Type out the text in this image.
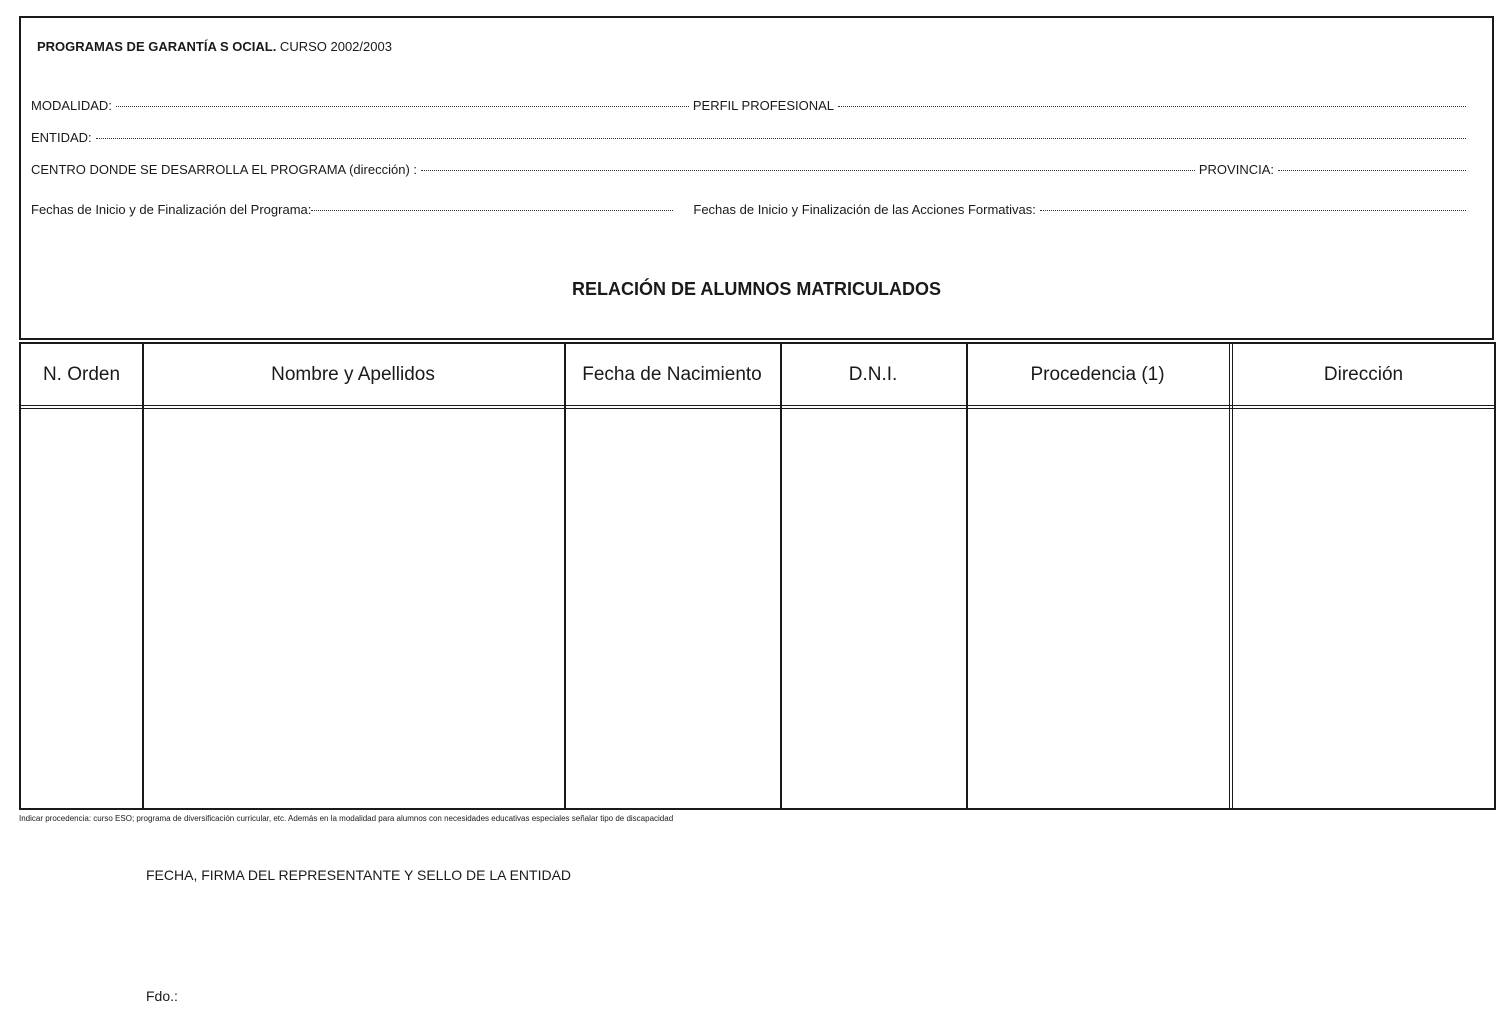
PROGRAMAS DE GARANTÍA S OCIAL. CURSO 2002/2003
MODALIDAD:	PERFIL PROFESIONAL
ENTIDAD:
CENTRO DONDE SE DESARROLLA EL PROGRAMA (dirección) :	PROVINCIA:
Fechas de Inicio y de Finalización del Programa:	Fechas de Inicio y Finalización de las Acciones Formativas:
RELACIÓN DE ALUMNOS MATRICULADOS
N. Orden	Nombre y Apellidos	Fecha de Nacimiento	D.N.I.	Procedencia (1)	Dirección
Indicar procedencia: curso ESO; programa de diversificación curricular, etc. Además en la modalidad para alumnos con necesidades educativas especiales señalar tipo de discapacidad
FECHA, FIRMA DEL REPRESENTANTE Y SELLO DE LA ENTIDAD
Fdo.:
